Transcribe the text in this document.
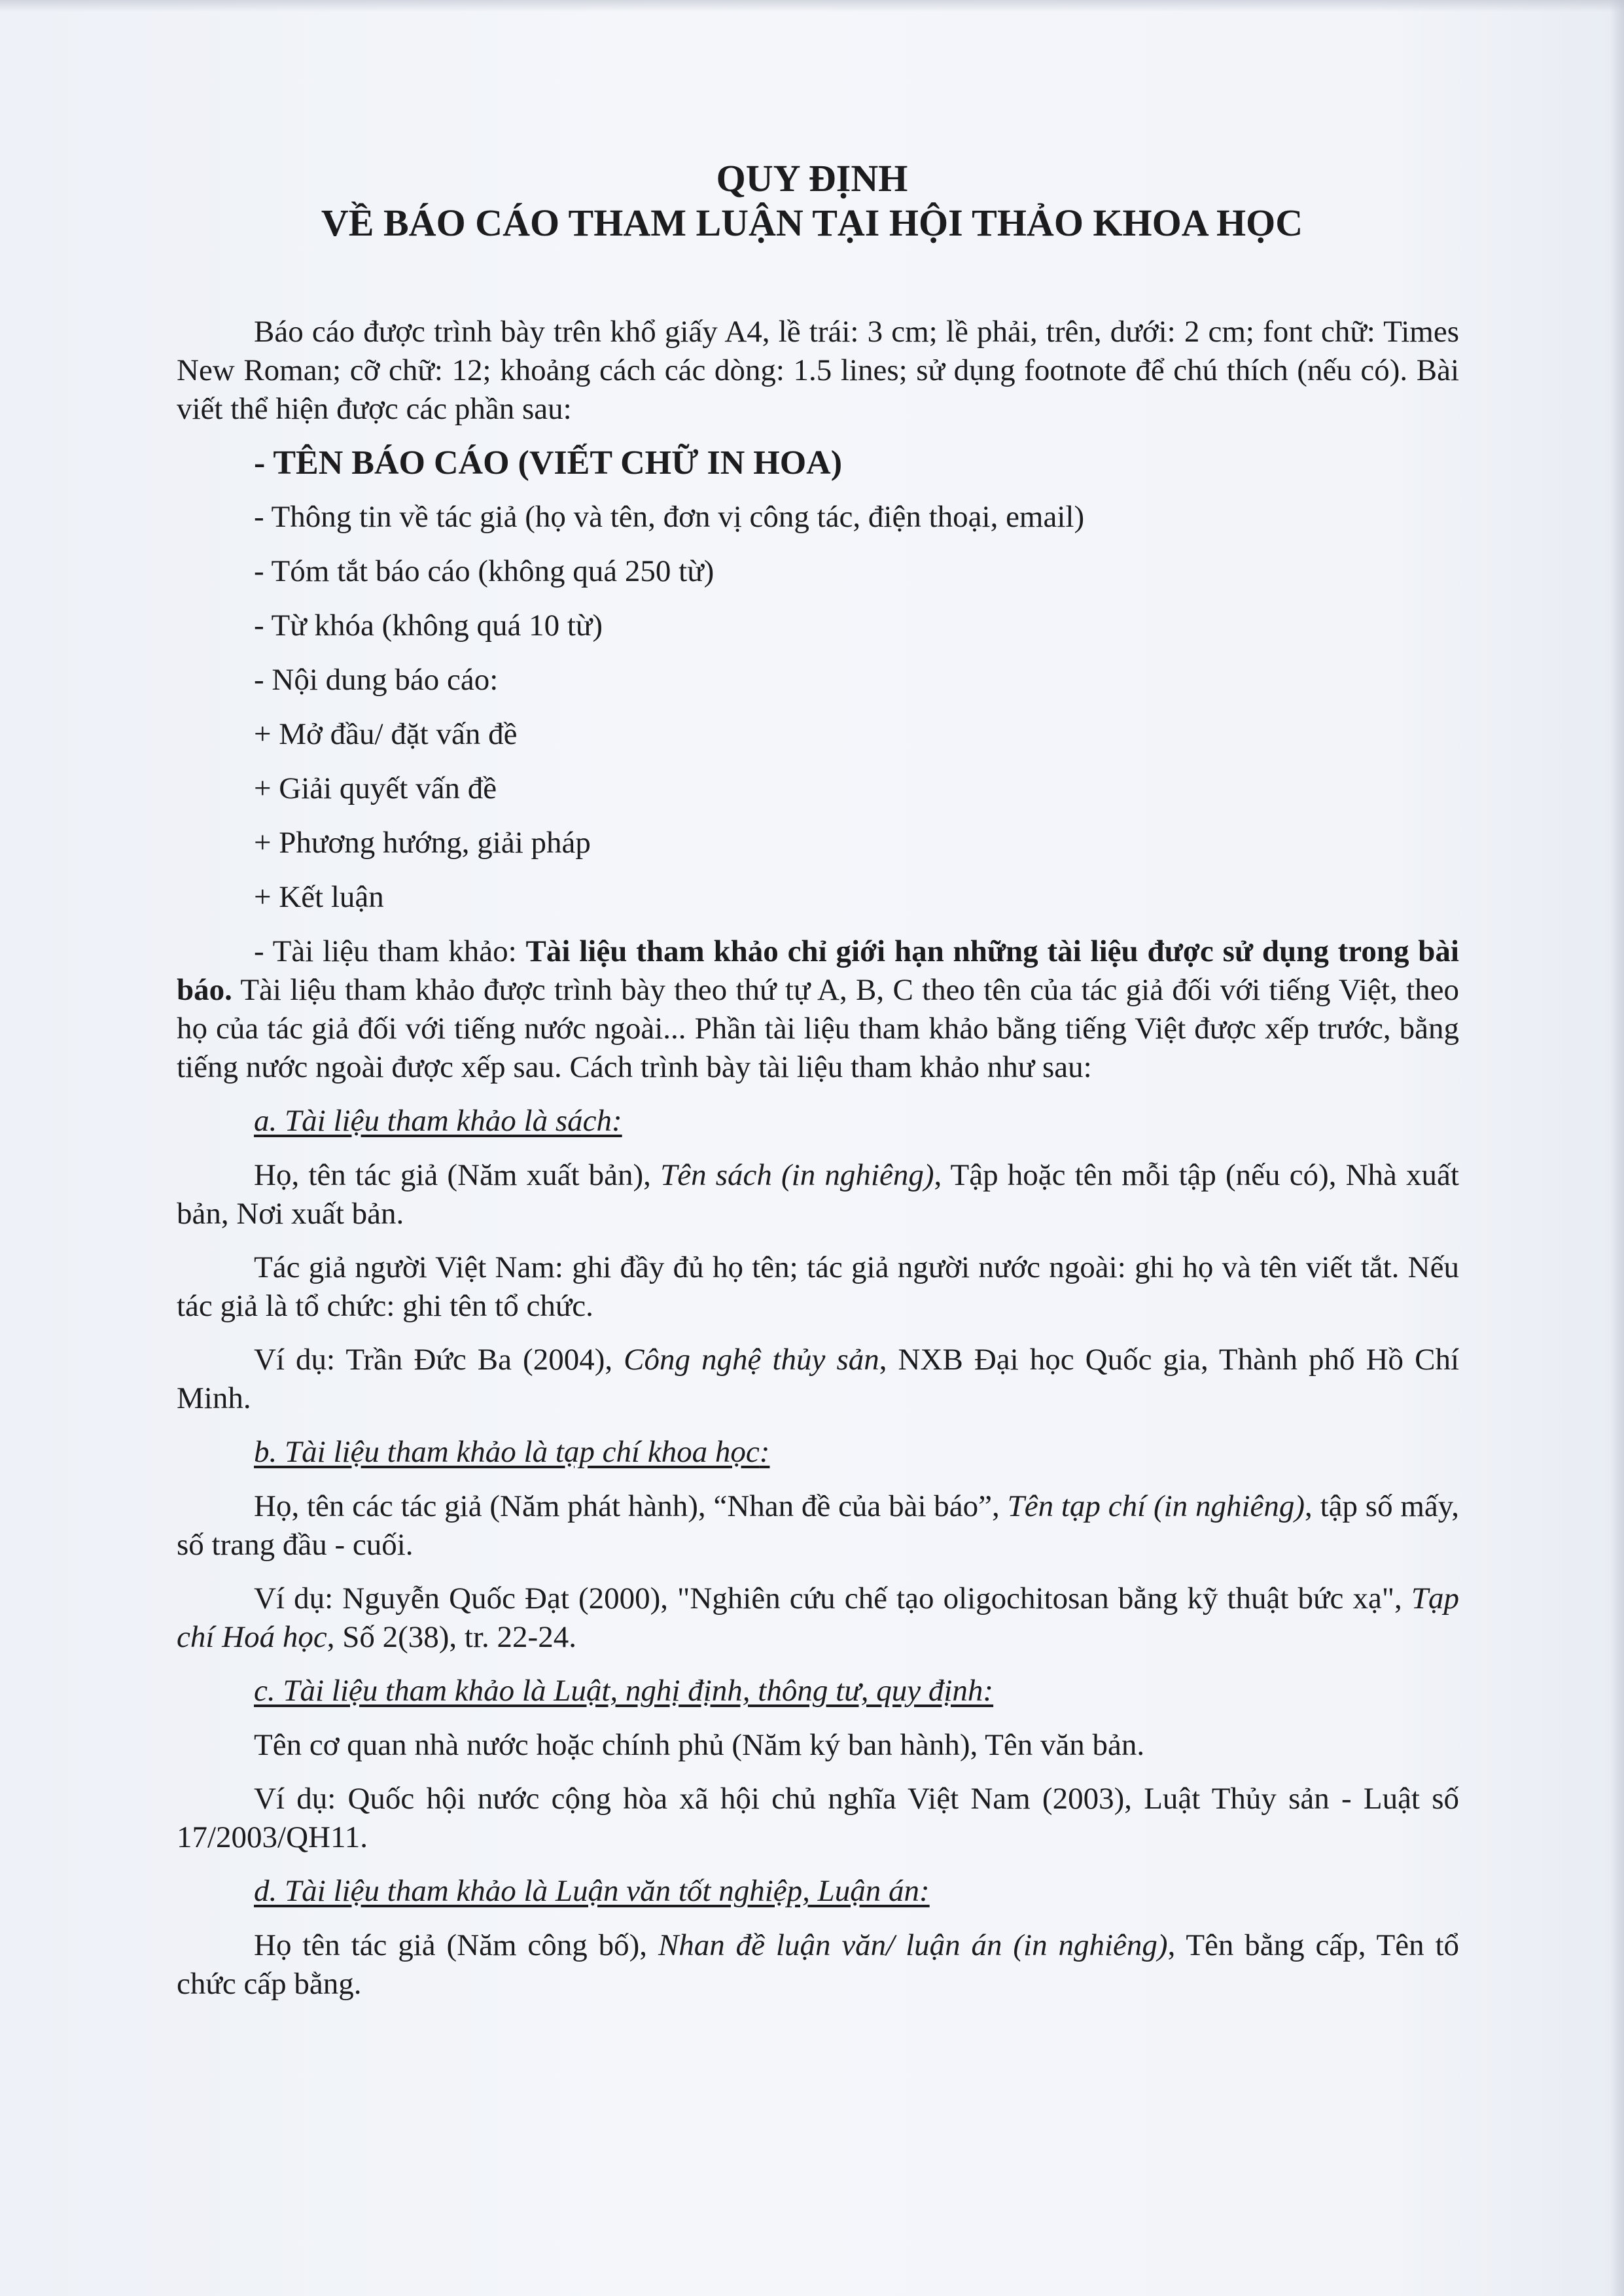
QUY ĐỊNH
VỀ BÁO CÁO THAM LUẬN TẠI HỘI THẢO KHOA HỌC

Báo cáo được trình bày trên khổ giấy A4, lề trái: 3 cm; lề phải, trên, dưới: 2 cm; font chữ: Times New Roman; cỡ chữ: 12; khoảng cách các dòng: 1.5 lines; sử dụng footnote để chú thích (nếu có). Bài viết thể hiện được các phần sau:

- TÊN BÁO CÁO (VIẾT CHỮ IN HOA)

- Thông tin về tác giả (họ và tên, đơn vị công tác, điện thoại, email)

- Tóm tắt báo cáo (không quá 250 từ)

- Từ khóa (không quá 10 từ)

- Nội dung báo cáo:

+ Mở đầu/ đặt vấn đề

+ Giải quyết vấn đề

+ Phương hướng, giải pháp

+ Kết luận

- Tài liệu tham khảo: Tài liệu tham khảo chỉ giới hạn những tài liệu được sử dụng trong bài báo. Tài liệu tham khảo được trình bày theo thứ tự A, B, C theo tên của tác giả đối với tiếng Việt, theo họ của tác giả đối với tiếng nước ngoài... Phần tài liệu tham khảo bằng tiếng Việt được xếp trước, bằng tiếng nước ngoài được xếp sau. Cách trình bày tài liệu tham khảo như sau:

a. Tài liệu tham khảo là sách:

Họ, tên tác giả (Năm xuất bản), Tên sách (in nghiêng), Tập hoặc tên mỗi tập (nếu có), Nhà xuất bản, Nơi xuất bản.

Tác giả người Việt Nam: ghi đầy đủ họ tên; tác giả người nước ngoài: ghi họ và tên viết tắt. Nếu tác giả là tổ chức: ghi tên tổ chức.

Ví dụ: Trần Đức Ba (2004), Công nghệ thủy sản, NXB Đại học Quốc gia, Thành phố Hồ Chí Minh.

b. Tài liệu tham khảo là tạp chí khoa học:

Họ, tên các tác giả (Năm phát hành), “Nhan đề của bài báo”, Tên tạp chí (in nghiêng), tập số mấy, số trang đầu - cuối.

Ví dụ: Nguyễn Quốc Đạt (2000), "Nghiên cứu chế tạo oligochitosan bằng kỹ thuật bức xạ", Tạp chí Hoá học, Số 2(38), tr. 22-24.

c. Tài liệu tham khảo là Luật, nghị định, thông tư, quy định:

Tên cơ quan nhà nước hoặc chính phủ (Năm ký ban hành), Tên văn bản.

Ví dụ: Quốc hội nước cộng hòa xã hội chủ nghĩa Việt Nam (2003), Luật Thủy sản - Luật số 17/2003/QH11.

d. Tài liệu tham khảo là Luận văn tốt nghiệp, Luận án:

Họ tên tác giả (Năm công bố), Nhan đề luận văn/ luận án (in nghiêng), Tên bằng cấp, Tên tổ chức cấp bằng.
